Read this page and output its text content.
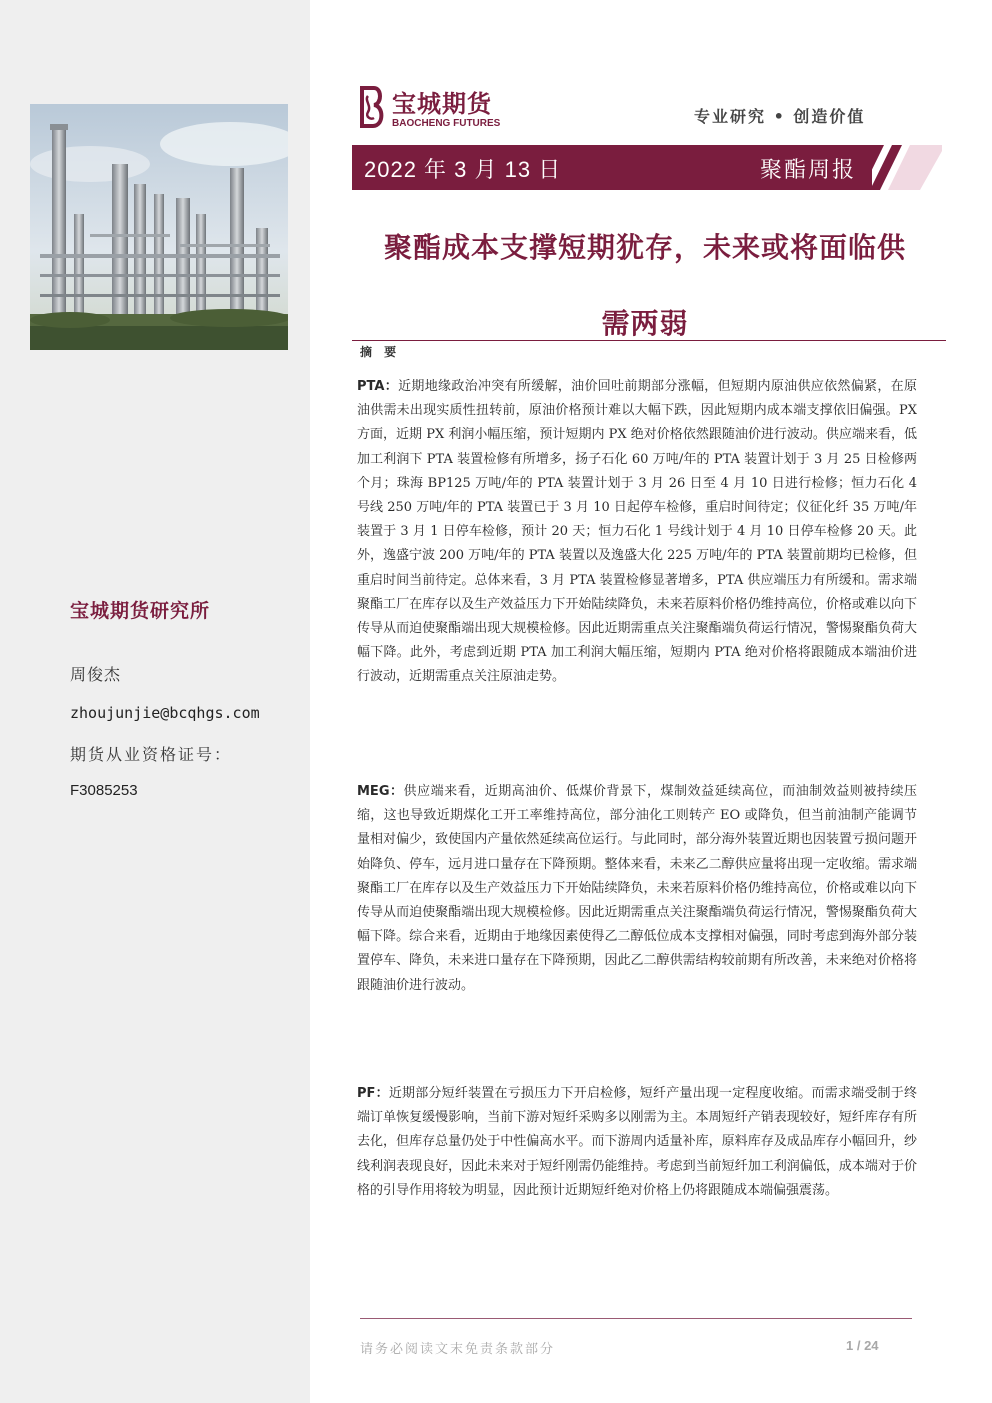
宝城期货研究所
周俊杰
zhoujunjie@bcqhgs.com
期货从业资格证号：
F3085253
宝城期货
BAOCHENG FUTURES	专业研究 • 创造价值
2022 年 3 月 13 日	聚酯周报
聚酯成本支撑短期犹存，未来或将面临供
需两弱
摘 要
PTA：近期地缘政治冲突有所缓解，油价回吐前期部分涨幅，但短期内原油供应依然偏紧，在原油供需未出现实质性扭转前，原油价格预计难以大幅下跌，因此短期内成本端支撑依旧偏强。PX 方面，近期 PX 利润小幅压缩，预计短期内 PX 绝对价格依然跟随油价进行波动。供应端来看，低加工利润下 PTA 装置检修有所增多，扬子石化 60 万吨/年的 PTA 装置计划于 3 月 25 日检修两个月；珠海 BP125 万吨/年的 PTA 装置计划于 3 月 26 日至 4 月 10 日进行检修；恒力石化 4 号线 250 万吨/年的 PTA 装置已于 3 月 10 日起停车检修，重启时间待定；仪征化纤 35 万吨/年装置于 3 月 1 日停车检修，预计 20 天；恒力石化 1 号线计划于 4 月 10 日停车检修 20 天。此外，逸盛宁波 200 万吨/年的 PTA 装置以及逸盛大化 225 万吨/年的 PTA 装置前期均已检修，但重启时间当前待定。总体来看，3 月 PTA 装置检修显著增多，PTA 供应端压力有所缓和。需求端聚酯工厂在库存以及生产效益压力下开始陆续降负，未来若原料价格仍维持高位，价格或难以向下传导从而迫使聚酯端出现大规模检修。因此近期需重点关注聚酯端负荷运行情况，警惕聚酯负荷大幅下降。此外，考虑到近期 PTA 加工利润大幅压缩，短期内 PTA 绝对价格将跟随成本端油价进行波动，近期需重点关注原油走势。
MEG：供应端来看，近期高油价、低煤价背景下，煤制效益延续高位，而油制效益则被持续压缩，这也导致近期煤化工开工率维持高位，部分油化工则转产 EO 或降负，但当前油制产能调节量相对偏少，致使国内产量依然延续高位运行。与此同时，部分海外装置近期也因装置亏损问题开始降负、停车，远月进口量存在下降预期。整体来看，未来乙二醇供应量将出现一定收缩。需求端聚酯工厂在库存以及生产效益压力下开始陆续降负，未来若原料价格仍维持高位，价格或难以向下传导从而迫使聚酯端出现大规模检修。因此近期需重点关注聚酯端负荷运行情况，警惕聚酯负荷大幅下降。综合来看，近期由于地缘因素使得乙二醇低位成本支撑相对偏强，同时考虑到海外部分装置停车、降负，未来进口量存在下降预期，因此乙二醇供需结构较前期有所改善，未来绝对价格将跟随油价进行波动。
PF：近期部分短纤装置在亏损压力下开启检修，短纤产量出现一定程度收缩。而需求端受制于终端订单恢复缓慢影响，当前下游对短纤采购多以刚需为主。本周短纤产销表现较好，短纤库存有所去化，但库存总量仍处于中性偏高水平。而下游周内适量补库，原料库存及成品库存小幅回升，纱线利润表现良好，因此未来对于短纤刚需仍能维持。考虑到当前短纤加工利润偏低，成本端对于价格的引导作用将较为明显，因此预计近期短纤绝对价格上仍将跟随成本端偏强震荡。
请务必阅读文末免责条款部分	1 / 24
